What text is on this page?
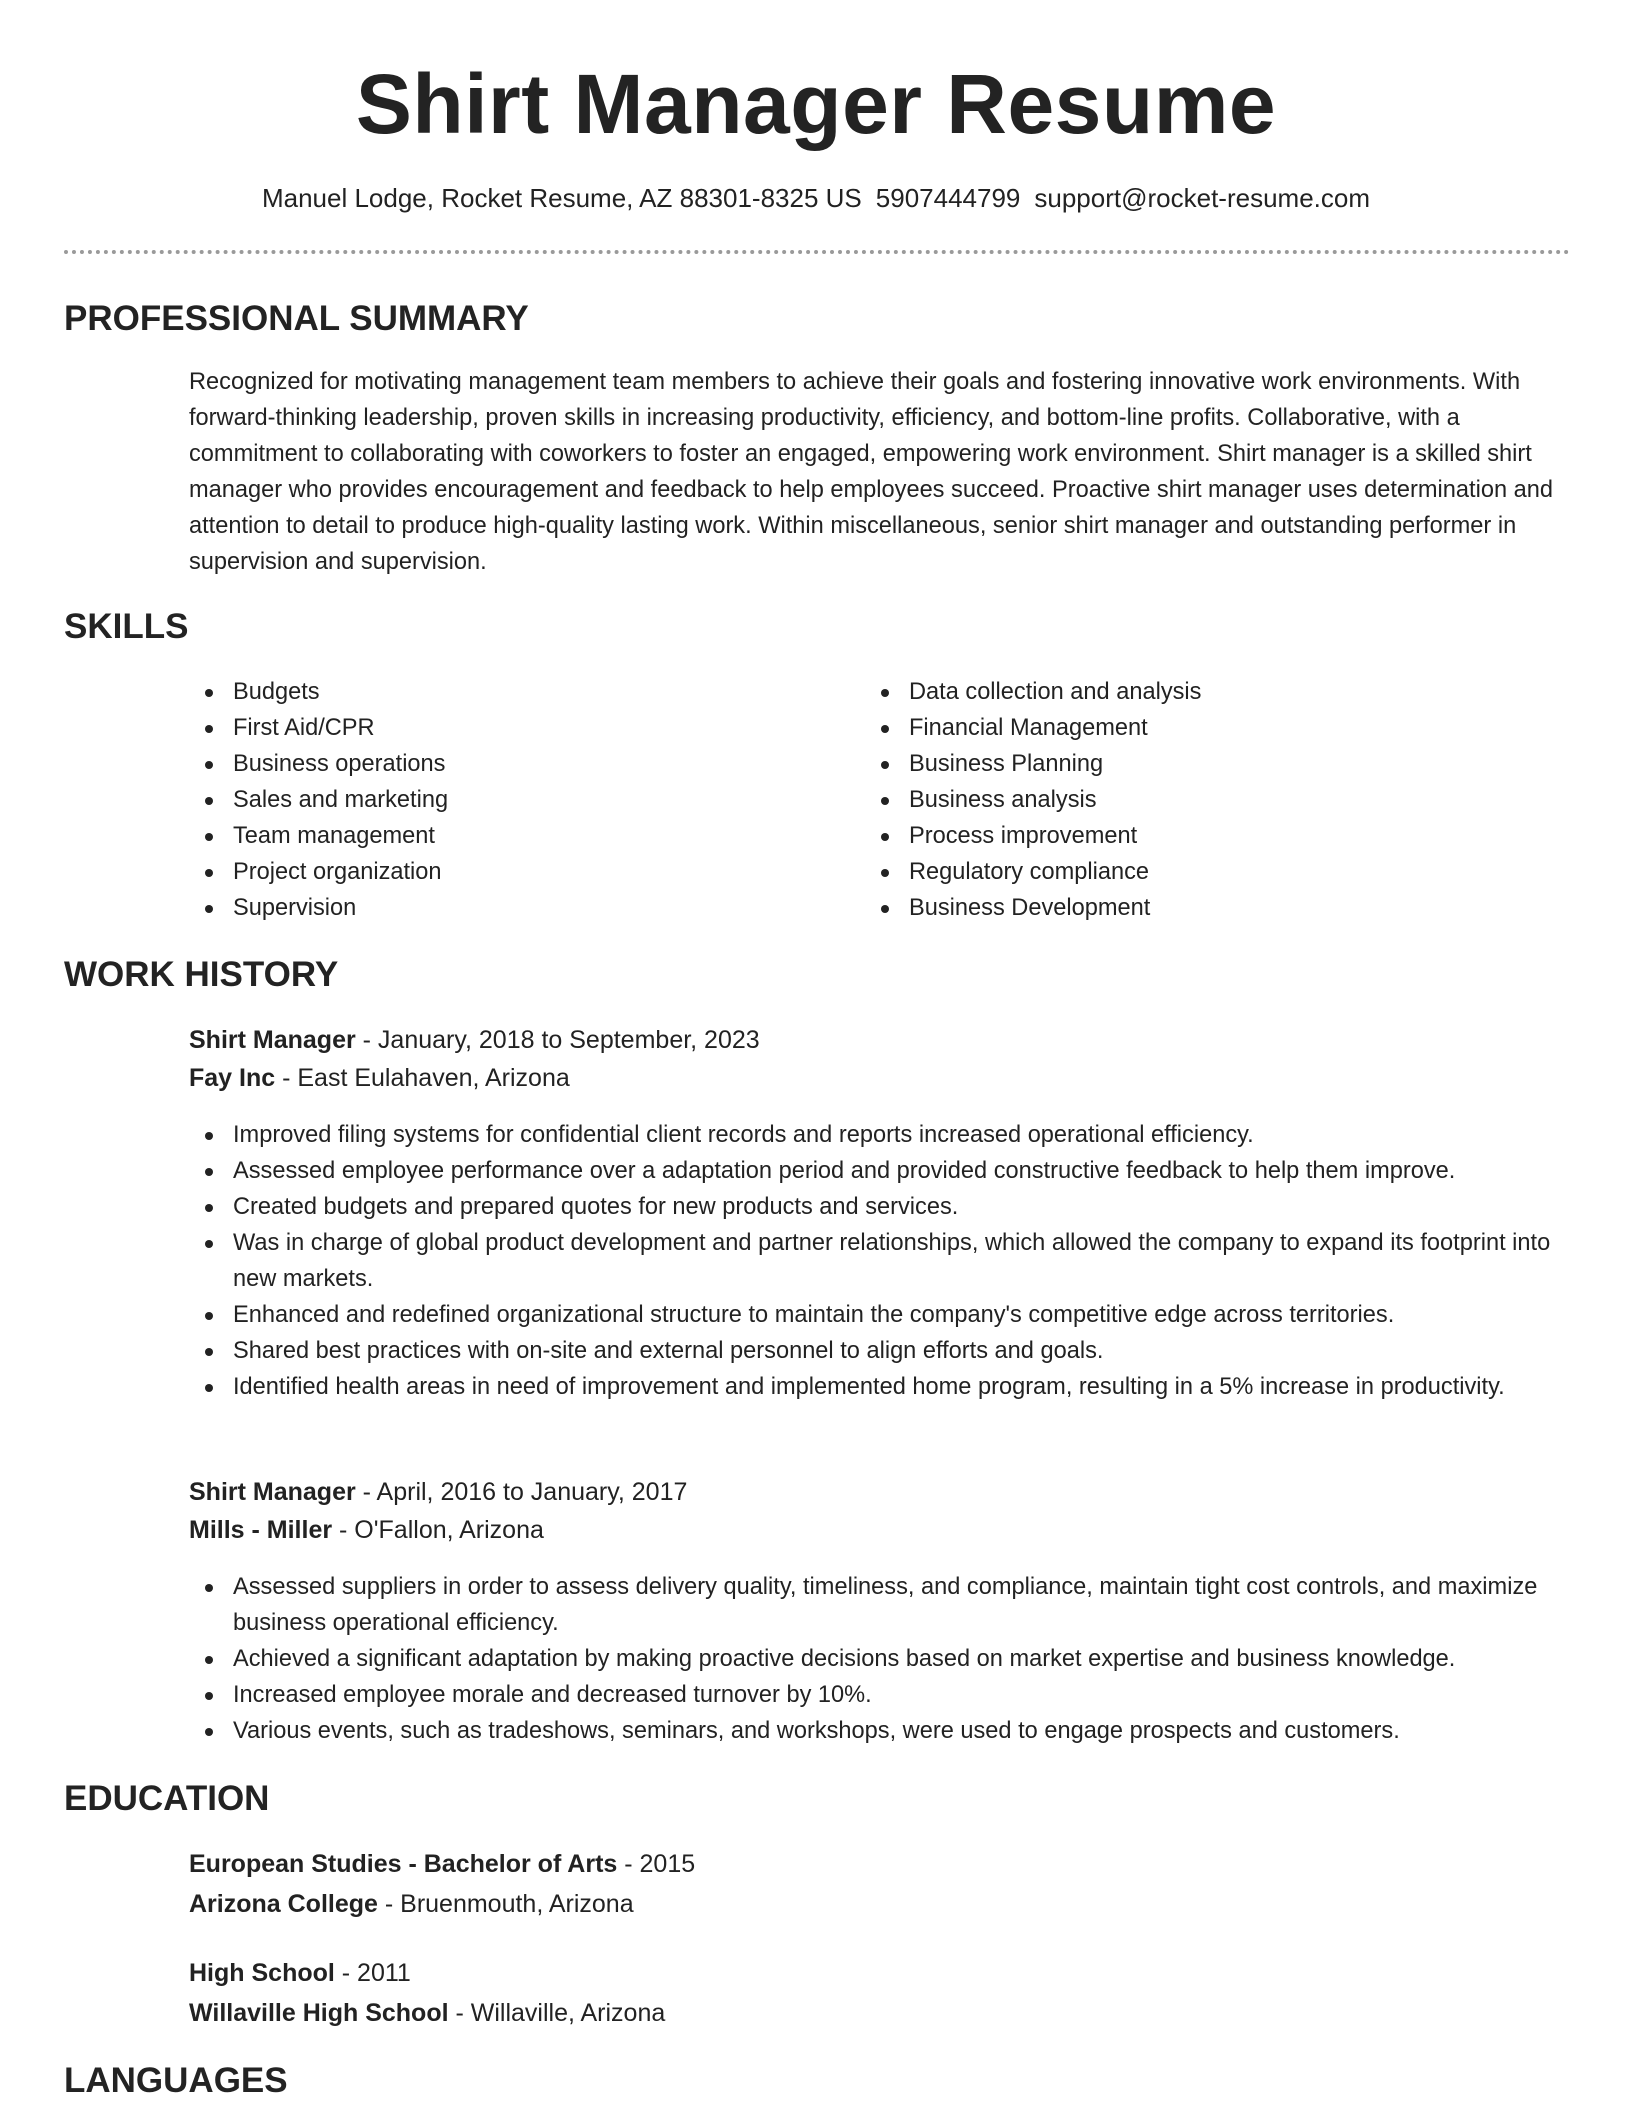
Shirt Manager Resume
Manuel Lodge, Rocket Resume, AZ 88301-8325 US 5907444799 support@rocket-resume.com
PROFESSIONAL SUMMARY

Recognized for motivating management team members to achieve their goals and fostering innovative work environments. With forward-thinking leadership, proven skills in increasing productivity, efficiency, and bottom-line profits. Collaborative, with a commitment to collaborating with coworkers to foster an engaged, empowering work environment. Shirt manager is a skilled shirt manager who provides encouragement and feedback to help employees succeed. Proactive shirt manager uses determination and attention to detail to produce high-quality lasting work. Within miscellaneous, senior shirt manager and outstanding performer in supervision and supervision.

SKILLS
Budgets
First Aid/CPR
Business operations
Sales and marketing
Team management
Project organization
Supervision
Data collection and analysis
Financial Management
Business Planning
Business analysis
Process improvement
Regulatory compliance
Business Development
WORK HISTORY

Shirt Manager - January, 2018 to September, 2023

Fay Inc - East Eulahaven, Arizona

Improved filing systems for confidential client records and reports increased operational efficiency.
Assessed employee performance over a adaptation period and provided constructive feedback to help them improve.
Created budgets and prepared quotes for new products and services.
Was in charge of global product development and partner relationships, which allowed the company to expand its footprint into new markets.
Enhanced and redefined organizational structure to maintain the company's competitive edge across territories.
Shared best practices with on-site and external personnel to align efforts and goals.
Identified health areas in need of improvement and implemented home program, resulting in a 5% increase in productivity.

Shirt Manager - April, 2016 to January, 2017

Mills - Miller - O'Fallon, Arizona

Assessed suppliers in order to assess delivery quality, timeliness, and compliance, maintain tight cost controls, and maximize business operational efficiency.
Achieved a significant adaptation by making proactive decisions based on market expertise and business knowledge.
Increased employee morale and decreased turnover by 10%.
Various events, such as tradeshows, seminars, and workshops, were used to engage prospects and customers.
EDUCATION

European Studies - Bachelor of Arts - 2015

Arizona College - Bruenmouth, Arizona

High School - 2011

Willaville High School - Willaville, Arizona

LANGUAGES
